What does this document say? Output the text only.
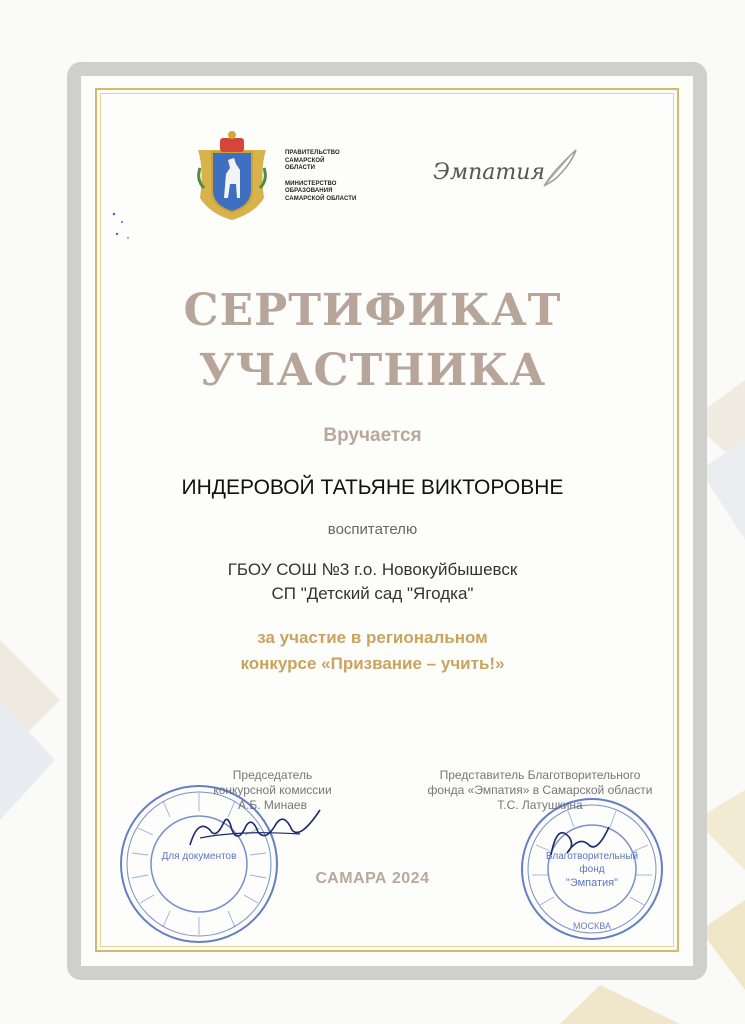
ПРАВИТЕЛЬСТВО
САМАРСКОЙ
ОБЛАСТИ
МИНИСТЕРСТВО
ОБРАЗОВАНИЯ
САМАРСКОЙ ОБЛАСТИ
Эмпатия
СЕРТИФИКАТ
УЧАСТНИКА
Вручается
ИНДЕРОВОЙ ТАТЬЯНЕ ВИКТОРОВНЕ
воспитателю
ГБОУ СОШ №3 г.о. Новокуйбышевск
СП "Детский сад "Ягодка"
за участие в региональном
конкурсе «Призвание – учить!»
Председатель
конкурсной комиссии
А.Б. Минаев
Представитель Благотворительного
фонда «Эмпатия» в Самарской области
Т.С. Латушкина
САМАРА 2024
Для документов	Благотворительный
фонд
"Эмпатия"
МОСКВА
